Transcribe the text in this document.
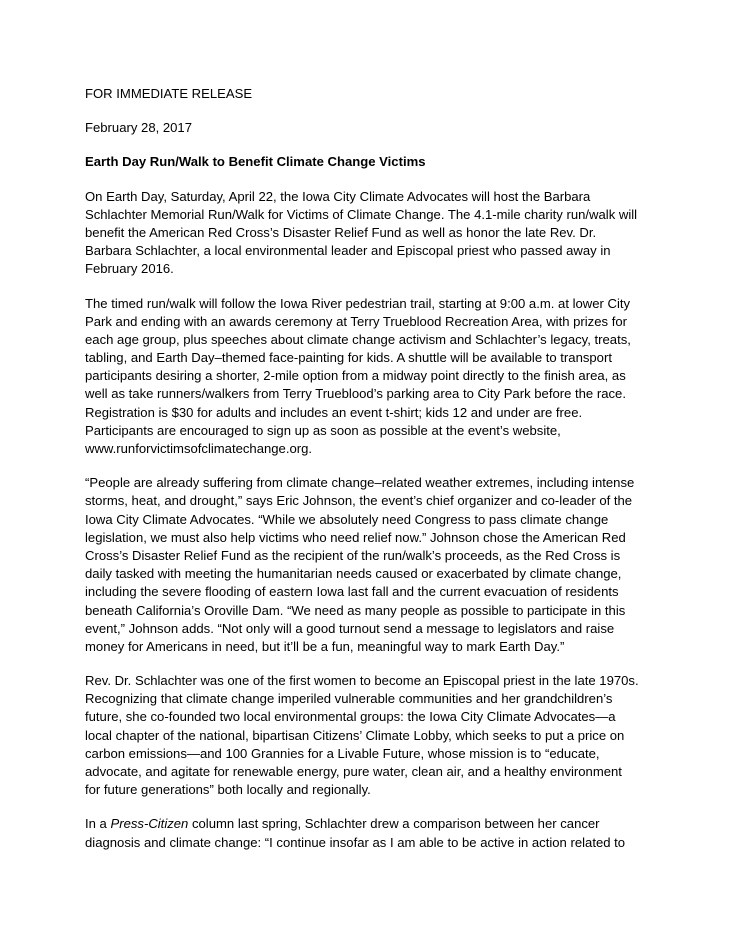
FOR IMMEDIATE RELEASE
February 28, 2017
Earth Day Run/Walk to Benefit Climate Change Victims
On Earth Day, Saturday, April 22, the Iowa City Climate Advocates will host the Barbara
Schlachter Memorial Run/Walk for Victims of Climate Change. The 4.1-mile charity run/walk will
benefit the American Red Cross’s Disaster Relief Fund as well as honor the late Rev. Dr.
Barbara Schlachter, a local environmental leader and Episcopal priest who passed away in
February 2016.
The timed run/walk will follow the Iowa River pedestrian trail, starting at 9:00 a.m. at lower City
Park and ending with an awards ceremony at Terry Trueblood Recreation Area, with prizes for
each age group, plus speeches about climate change activism and Schlachter’s legacy, treats,
tabling, and Earth Day–themed face-painting for kids. A shuttle will be available to transport
participants desiring a shorter, 2-mile option from a midway point directly to the finish area, as
well as take runners/walkers from Terry Trueblood’s parking area to City Park before the race.
Registration is $30 for adults and includes an event t-shirt; kids 12 and under are free.
Participants are encouraged to sign up as soon as possible at the event’s website,
www.runforvictimsofclimatechange.org.
“People are already suffering from climate change–related weather extremes, including intense
storms, heat, and drought,” says Eric Johnson, the event’s chief organizer and co-leader of the
Iowa City Climate Advocates. “While we absolutely need Congress to pass climate change
legislation, we must also help victims who need relief now.” Johnson chose the American Red
Cross’s Disaster Relief Fund as the recipient of the run/walk’s proceeds, as the Red Cross is
daily tasked with meeting the humanitarian needs caused or exacerbated by climate change,
including the severe flooding of eastern Iowa last fall and the current evacuation of residents
beneath California’s Oroville Dam. “We need as many people as possible to participate in this
event,” Johnson adds. “Not only will a good turnout send a message to legislators and raise
money for Americans in need, but it’ll be a fun, meaningful way to mark Earth Day.”
Rev. Dr. Schlachter was one of the first women to become an Episcopal priest in the late 1970s.
Recognizing that climate change imperiled vulnerable communities and her grandchildren’s
future, she co-founded two local environmental groups: the Iowa City Climate Advocates—a
local chapter of the national, bipartisan Citizens’ Climate Lobby, which seeks to put a price on
carbon emissions—and 100 Grannies for a Livable Future, whose mission is to “educate,
advocate, and agitate for renewable energy, pure water, clean air, and a healthy environment
for future generations” both locally and regionally.
In a Press-Citizen column last spring, Schlachter drew a comparison between her cancer
diagnosis and climate change: “I continue insofar as I am able to be active in action related to
